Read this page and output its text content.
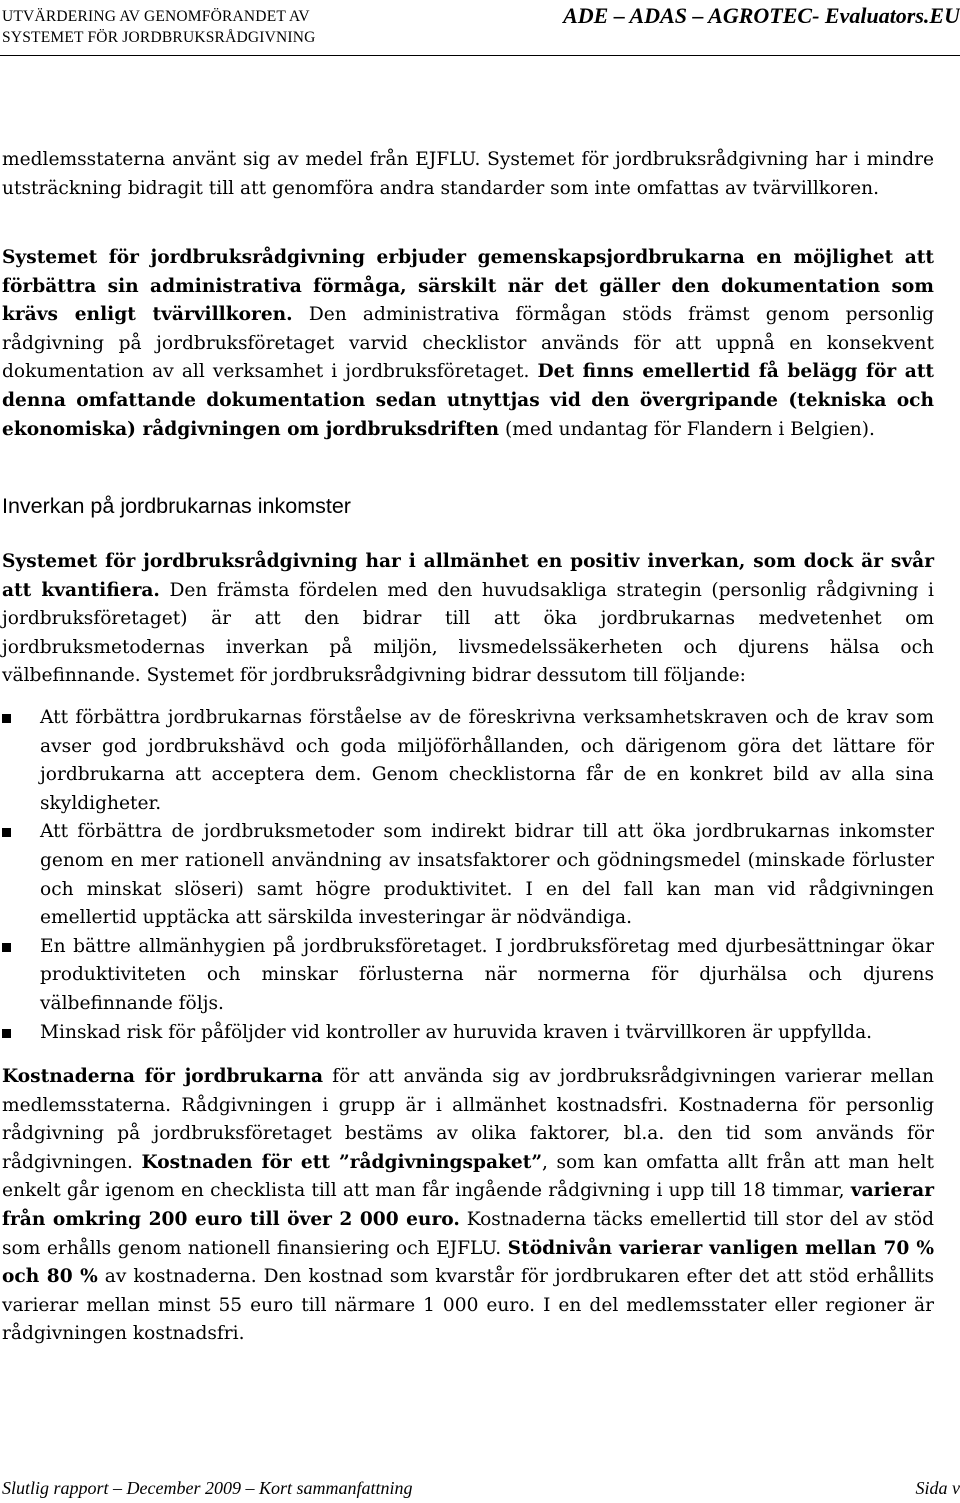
UTVÄRDERING AV GENOMFÖRANDET AV
SYSTEMET FÖR JORDBRUKSRÅDGIVNING
ADE – ADAS – AGROTEC- Evaluators.EU

medlemsstaterna använt sig av medel från EJFLU. Systemet för jordbruksrådgivning har i mindre utsträckning bidragit till att genomföra andra standarder som inte omfattas av tvärvillkoren.

Systemet för jordbruksrådgivning erbjuder gemenskapsjordbrukarna en möjlighet att förbättra sin administrativa förmåga, särskilt när det gäller den dokumentation som krävs enligt tvärvillkoren. Den administrativa förmågan stöds främst genom personlig rådgivning på jordbruksföretaget varvid checklistor används för att uppnå en konsekvent dokumentation av all verksamhet i jordbruksföretaget. Det finns emellertid få belägg för att denna omfattande dokumentation sedan utnyttjas vid den övergripande (tekniska och ekonomiska) rådgivningen om jordbruksdriften (med undantag för Flandern i Belgien).

Inverkan på jordbrukarnas inkomster

Systemet för jordbruksrådgivning har i allmänhet en positiv inverkan, som dock är svår att kvantifiera. Den främsta fördelen med den huvudsakliga strategin (personlig rådgivning i jordbruksföretaget) är att den bidrar till att öka jordbrukarnas medvetenhet om jordbruksmetodernas inverkan på miljön, livsmedelssäkerheten och djurens hälsa och välbefinnande. Systemet för jordbruksrådgivning bidrar dessutom till följande:

Att förbättra jordbrukarnas förståelse av de föreskrivna verksamhetskraven och de krav som avser god jordbrukshävd och goda miljöförhållanden, och därigenom göra det lättare för jordbrukarna att acceptera dem. Genom checklistorna får de en konkret bild av alla sina skyldigheter.
Att förbättra de jordbruksmetoder som indirekt bidrar till att öka jordbrukarnas inkomster genom en mer rationell användning av insatsfaktorer och gödningsmedel (minskade förluster och minskat slöseri) samt högre produktivitet. I en del fall kan man vid rådgivningen emellertid upptäcka att särskilda investeringar är nödvändiga.
En bättre allmänhygien på jordbruksföretaget. I jordbruksföretag med djurbesättningar ökar produktiviteten och minskar förlusterna när normerna för djurhälsa och djurens välbefinnande följs.
Minskad risk för påföljder vid kontroller av huruvida kraven i tvärvillkoren är uppfyllda.

Kostnaderna för jordbrukarna för att använda sig av jordbruksrådgivningen varierar mellan medlemsstaterna. Rådgivningen i grupp är i allmänhet kostnadsfri. Kostnaderna för personlig rådgivning på jordbruksföretaget bestäms av olika faktorer, bl.a. den tid som används för rådgivningen. Kostnaden för ett ”rådgivningspaket”, som kan omfatta allt från att man helt enkelt går igenom en checklista till att man får ingående rådgivning i upp till 18 timmar, varierar från omkring 200 euro till över 2 000 euro. Kostnaderna täcks emellertid till stor del av stöd som erhålls genom nationell finansiering och EJFLU. Stödnivån varierar vanligen mellan 70 % och 80 % av kostnaderna. Den kostnad som kvarstår för jordbrukaren efter det att stöd erhållits varierar mellan minst 55 euro till närmare 1 000 euro. I en del medlemsstater eller regioner är rådgivningen kostnadsfri.

Slutlig rapport – December 2009 – Kort sammanfattning	Sida v
